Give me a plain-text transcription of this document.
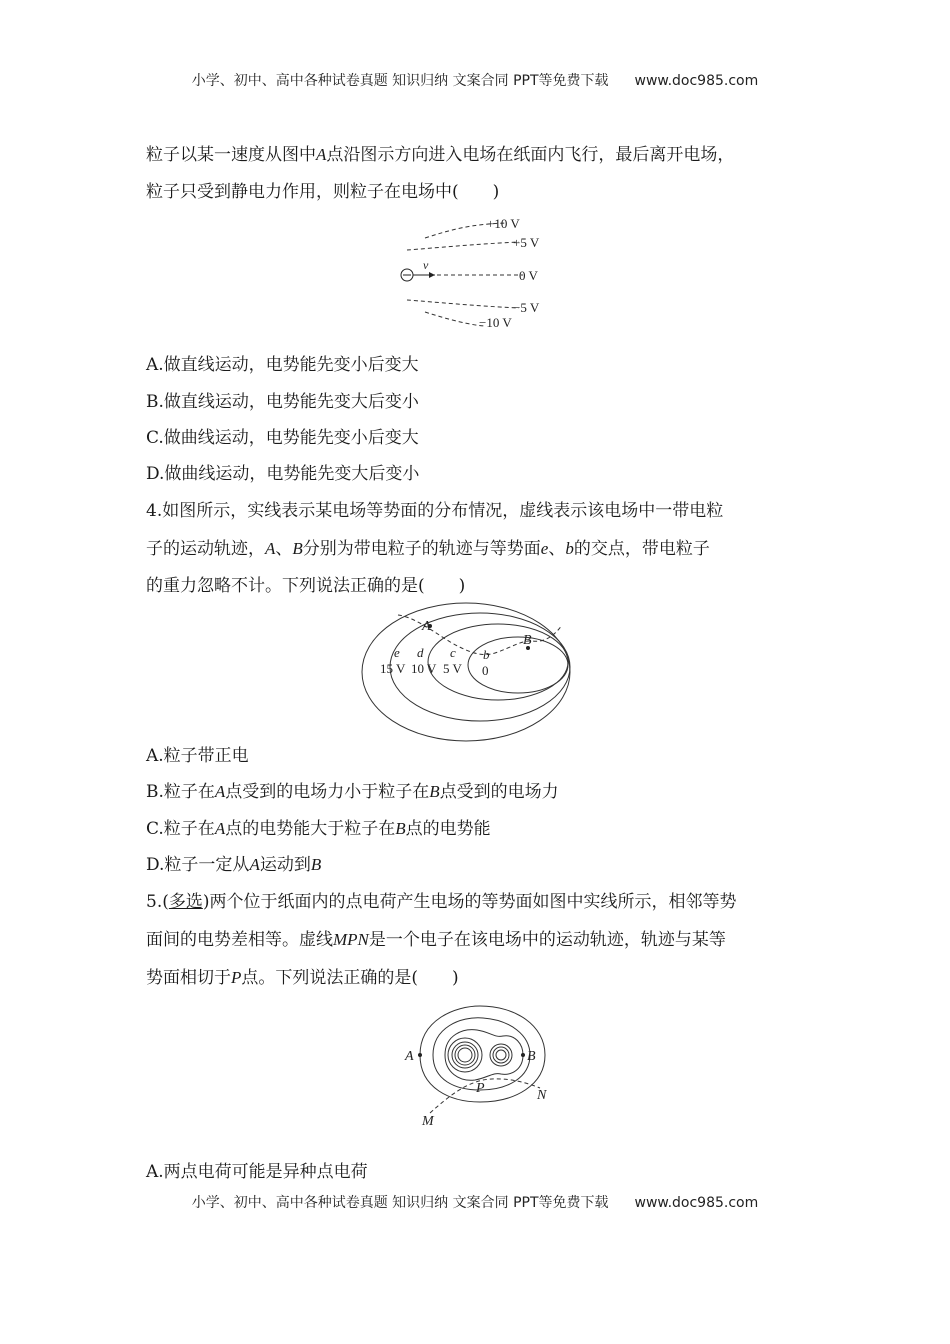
小学、初中、高中各种试卷真题 知识归纳 文案合同 PPT等免费下载 www.doc985.com
粒子以某一速度从图中A点沿图示方向进入电场在纸面内飞行，最后离开电场，
粒子只受到静电力作用，则粒子在电场中(　　)
v
+10 V
+5 V
0 V
−5 V
−10 V
A.做直线运动，电势能先变小后变大
B.做直线运动，电势能先变大后变小
C.做曲线运动，电势能先变小后变大
D.做曲线运动，电势能先变大后变小
4.如图所示，实线表示某电场等势面的分布情况，虚线表示该电场中一带电粒
子的运动轨迹，A、B分别为带电粒子的轨迹与等势面e、b的交点，带电粒子
的重力忽略不计。下列说法正确的是(　　)
A
B
e d c b
15 V 10 V 5 V 0
A.粒子带正电
B.粒子在A点受到的电场力小于粒子在B点受到的电场力
C.粒子在A点的电势能大于粒子在B点的电势能
D.粒子一定从A运动到B
5.(多选)两个位于纸面内的点电荷产生电场的等势面如图中实线所示，相邻等势
面间的电势差相等。虚线MPN是一个电子在该电场中的运动轨迹，轨迹与某等
势面相切于P点。下列说法正确的是(　　)
A	B
P
M
N
A.两点电荷可能是异种点电荷
小学、初中、高中各种试卷真题 知识归纳 文案合同 PPT等免费下载 www.doc985.com
